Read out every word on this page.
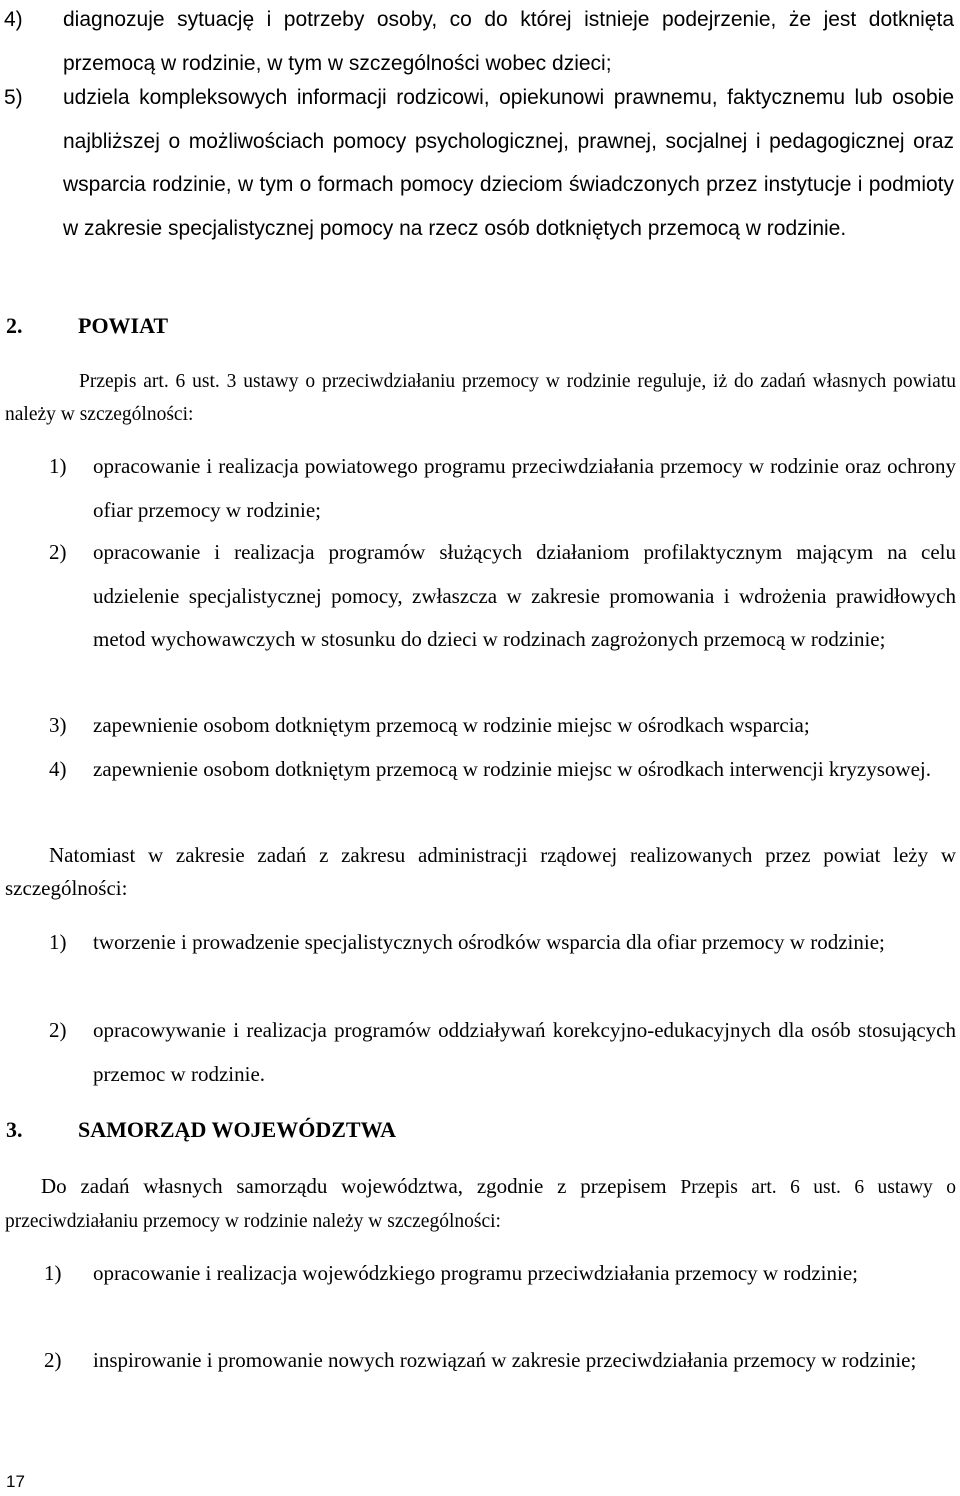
4) diagnozuje sytuację i potrzeby osoby, co do której istnieje podejrzenie, że jest dotknięta przemocą w rodzinie, w tym w szczególności wobec dzieci;
5) udziela kompleksowych informacji rodzicowi, opiekunowi prawnemu, faktycznemu lub osobie najbliższej o możliwościach pomocy psychologicznej, prawnej, socjalnej i pedagogicznej oraz wsparcia rodzinie, w tym o formach pomocy dzieciom świadczonych przez instytucje i podmioty w zakresie specjalistycznej pomocy na rzecz osób dotkniętych przemocą w rodzinie.
2.	POWIAT
Przepis art. 6 ust. 3 ustawy o przeciwdziałaniu przemocy w rodzinie reguluje, iż do zadań własnych powiatu należy w szczególności:
1) opracowanie i realizacja powiatowego programu przeciwdziałania przemocy w rodzinie oraz ochrony ofiar przemocy w rodzinie;
2) opracowanie i realizacja programów służących działaniom profilaktycznym mającym na celu udzielenie specjalistycznej pomocy, zwłaszcza w zakresie promowania i wdrożenia prawidłowych metod wychowawczych w stosunku do dzieci w rodzinach zagrożonych przemocą w rodzinie;
3) zapewnienie osobom dotkniętym przemocą w rodzinie miejsc w ośrodkach wsparcia;
4) zapewnienie osobom dotkniętym przemocą w rodzinie miejsc w ośrodkach interwencji kryzysowej.
Natomiast w zakresie zadań z zakresu administracji rządowej realizowanych przez powiat leży w szczególności:
1) tworzenie i prowadzenie specjalistycznych ośrodków wsparcia dla ofiar przemocy w rodzinie;
2) opracowywanie i realizacja programów oddziaływań korekcyjno-edukacyjnych dla osób stosujących przemoc w rodzinie.
3.	SAMORZĄD WOJEWÓDZTWA
Do zadań własnych samorządu województwa, zgodnie z przepisem Przepis art. 6 ust. 6 ustawy o przeciwdziałaniu przemocy w rodzinie należy w szczególności:
1) opracowanie i realizacja wojewódzkiego programu przeciwdziałania przemocy w rodzinie;
2) inspirowanie i promowanie nowych rozwiązań w zakresie przeciwdziałania przemocy w rodzinie;
17
